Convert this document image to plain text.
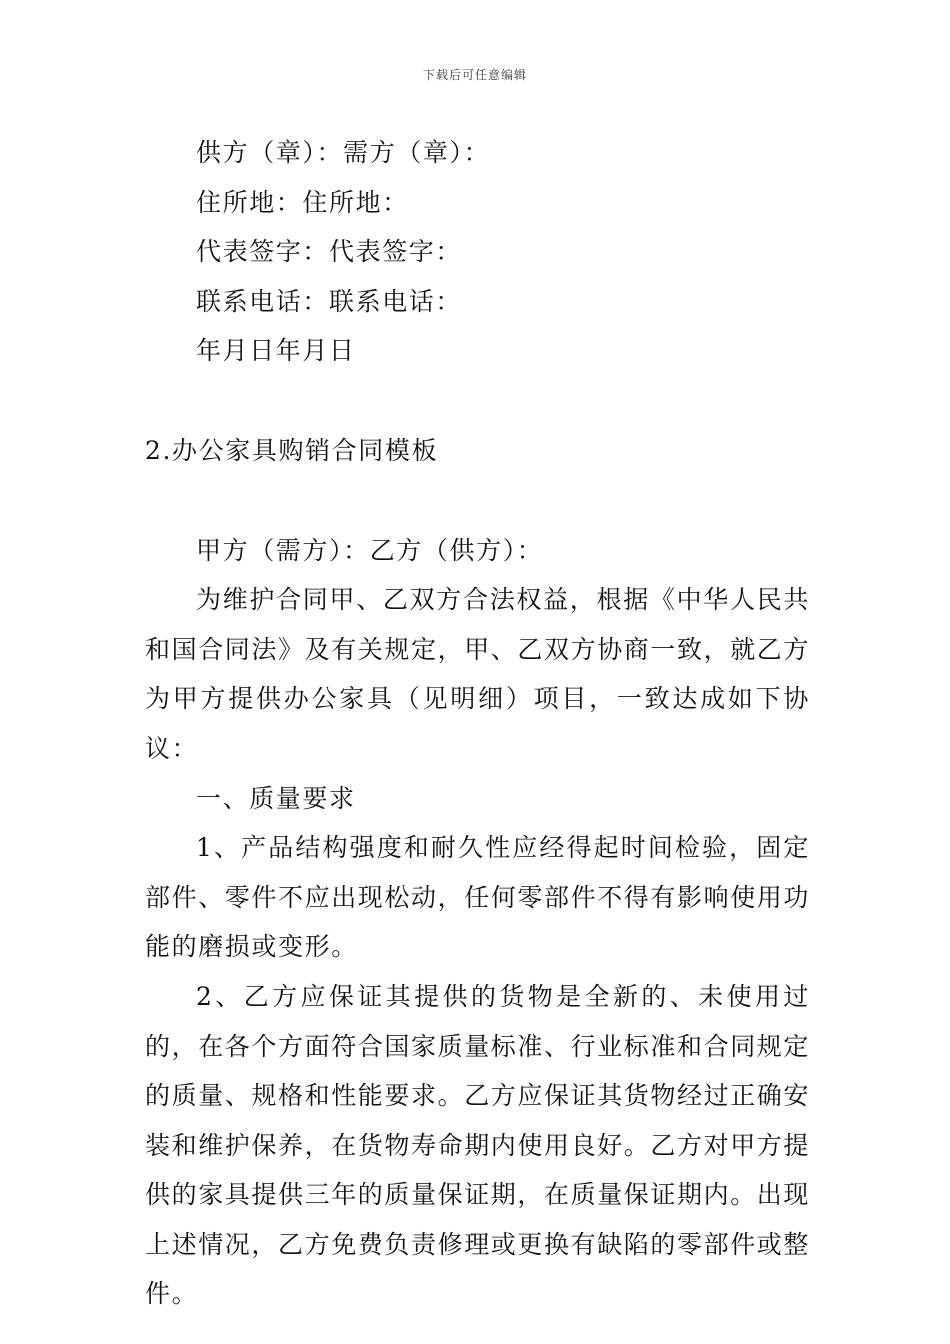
下载后可任意编辑
供方（章）：需方（章）：
住所地：住所地：
代表签字：代表签字：
联系电话：联系电话：
年月日年月日
2.办公家具购销合同模板
甲方（需方）：乙方（供方）：
为维护合同甲、乙双方合法权益，根据《中华人民共和国合同法》及有关规定，甲、乙双方协商一致，就乙方为甲方提供办公家具（见明细）项目，一致达成如下协议：
一、质量要求
1、产品结构强度和耐久性应经得起时间检验，固定部件、零件不应出现松动，任何零部件不得有影响使用功能的磨损或变形。
2、乙方应保证其提供的货物是全新的、未使用过的，在各个方面符合国家质量标准、行业标准和合同规定的质量、规格和性能要求。乙方应保证其货物经过正确安装和维护保养，在货物寿命期内使用良好。乙方对甲方提供的家具提供三年的质量保证期，在质量保证期内。出现上述情况，乙方免费负责修理或更换有缺陷的零部件或整件。
